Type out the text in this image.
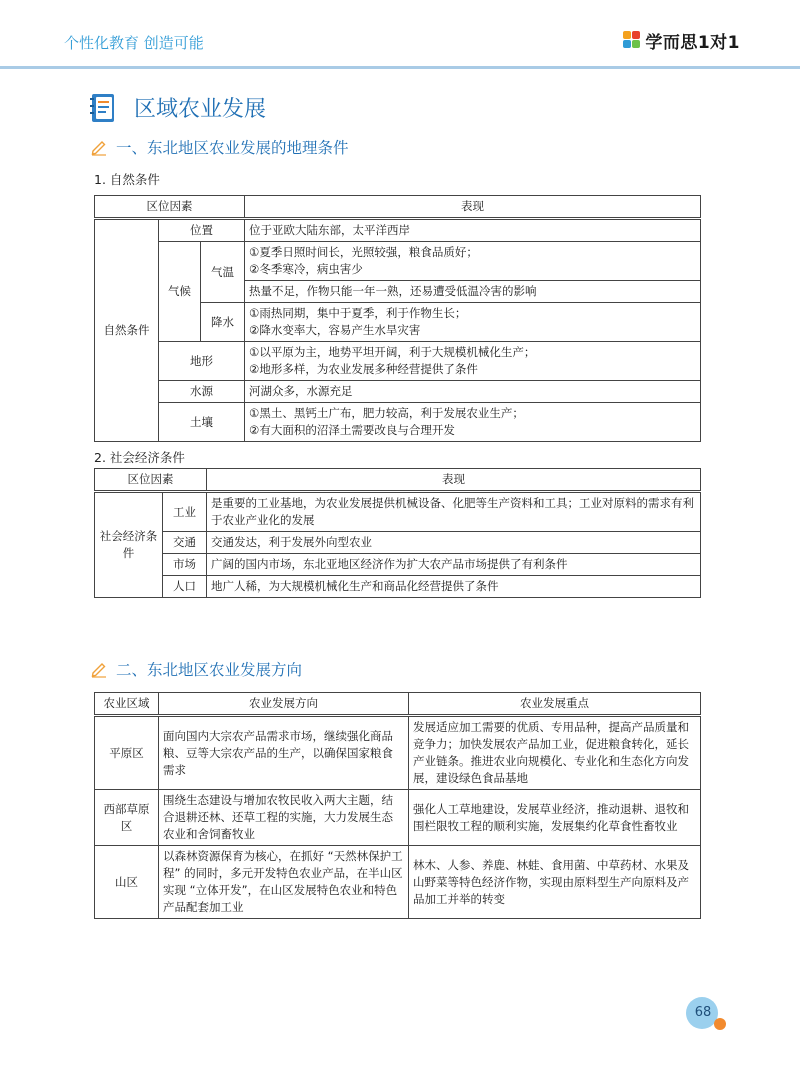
个性化教育 创造可能	学而思1对1
区域农业发展
一、东北地区农业发展的地理条件
1. 自然条件
区位因素			表现
自然条件	位置		位于亚欧大陆东部，太平洋西岸
	气候	气温	①夏季日照时间长，光照较强，粮食品质好；
②冬季寒冷，病虫害少

			热量不足，作物只能一年一熟，还易遭受低温冷害的影响
		降水	①雨热同期，集中于夏季，利于作物生长；
②降水变率大，容易产生水旱灾害

	地形		①以平原为主，地势平坦开阔，利于大规模机械化生产；
②地形多样，为农业发展多种经营提供了条件

	水源		河湖众多，水源充足
	土壤		①黑土、黑钙土广布，肥力较高，利于发展农业生产；
②有大面积的沼泽土需要改良与合理开发
2. 社会经济条件
区位因素		表现
社会经济条件	工业	是重要的工业基地，为农业发展提供机械设备、化肥等生产资料和工具；工业对原料的需求有利于农业产业化的发展
	交通	交通发达，利于发展外向型农业
	市场	广阔的国内市场，东北亚地区经济作为扩大农产品市场提供了有利条件
	人口	地广人稀，为大规模机械化生产和商品化经营提供了条件
二、东北地区农业发展方向
农业区域	农业发展方向	农业发展重点
平原区	面向国内大宗农产品需求市场，继续强化商品粮、豆等大宗农产品的生产，以确保国家粮食需求	发展适应加工需要的优质、专用品种，提高产品质量和竞争力；加快发展农产品加工业，促进粮食转化，延长产业链条。推进农业向规模化、专业化和生态化方向发展，建设绿色食品基地
西部草原区	围绕生态建设与增加农牧民收入两大主题，结合退耕还林、还草工程的实施，大力发展生态农业和舍饲畜牧业	强化人工草地建设，发展草业经济，推动退耕、退牧和围栏限牧工程的顺利实施，发展集约化草食性畜牧业
山区	以森林资源保育为核心，在抓好 “天然林保护工程” 的同时，多元开发特色农业产品，在半山区实现 “立体开发”，在山区发展特色农业和特色产品配套加工业	林木、人参、养鹿、林蛙、食用菌、中草药材、水果及山野菜等特色经济作物，实现由原料型生产向原料及产品加工并举的转变
68
